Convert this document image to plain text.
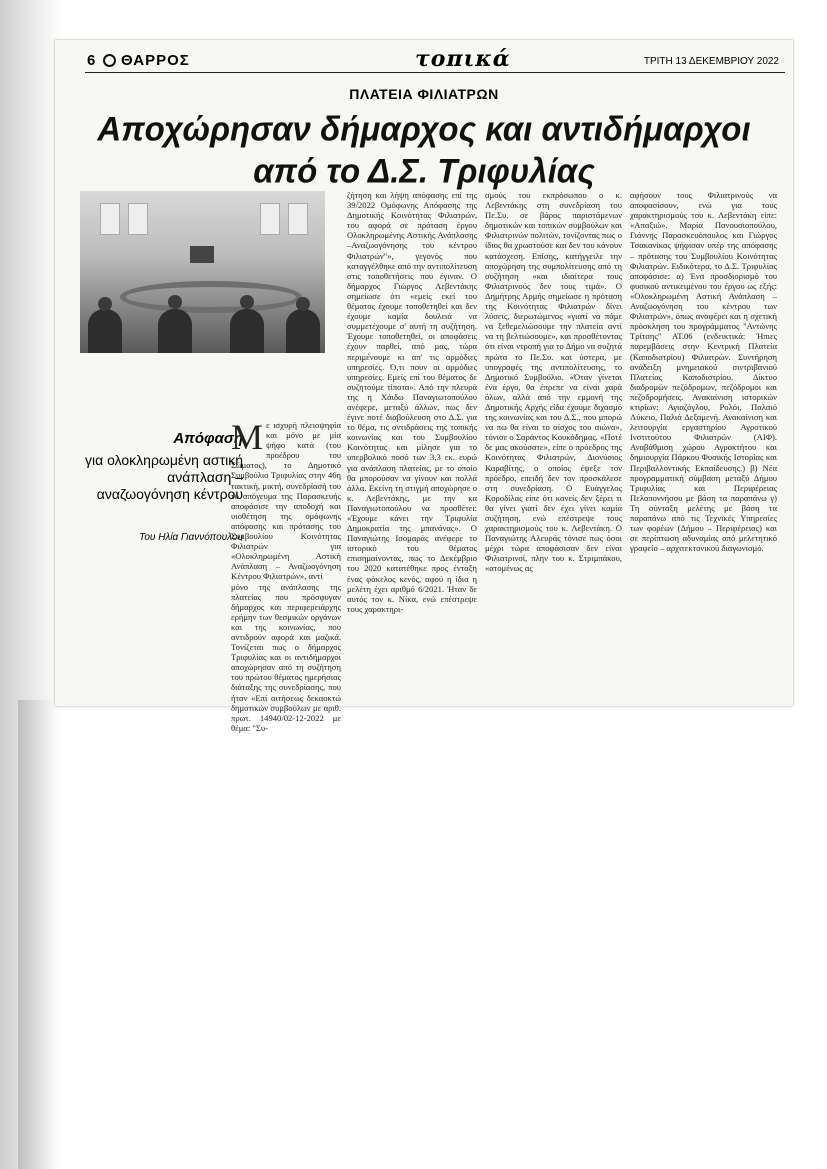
6 ΘΑΡΡΟΣ	τοπικά	ΤΡΙΤΗ 13 ΔΕΚΕΜΒΡΙΟΥ 2022
ΠΛΑΤΕΙΑ ΦΙΛΙΑΤΡΩΝ
Αποχώρησαν δήμαρχος και αντιδήμαρχοι
από το Δ.Σ. Τριφυλίας
Απόφαση
για ολοκληρωμένη αστική ανάπλαση – αναζωογόνηση κέντρου
Του Ηλία Γιαννόπουλου
Μ ε ισχυρή πλειοψηφία και μόνο με μία ψήφο κατά (του προέδρου του Σώματος), το Δημοτικό Συμβούλιο Τριφυλίας στην 46η τακτική, μικτή, συνεδρίασή του το απόγευμα της Παρασκευής αποφάσισε την αποδοχή και υιοθέτηση της ομόφωνης απόφασης και πρότασης του Συμβουλίου Κοινότητας Φιλιατρών για «Ολοκληρωμένη Αστική Ανάπλαση – Αναζωογόνηση Κέντρου Φιλιατρών», αντί

μόνο της ανάπλασης της πλατείας που πρόσφυγαν δήμαρχος και περιφερειάρχης ερήμην των θεσμικών οργάνων και της κοινωνίας, που αντιδρούν αφορά και μαζικά. Τονίζεται πως ο δήμαρχος Τριφυλίας και οι αντιδήμαρχοι αποχώρησαν από τη συζήτηση του πρώτου θέματος ημερήσιας διάταξης της συνεδρίασης, που ήταν «Επί αιτήσεως δεκαοκτώ δημοτικών συμβούλων με αριθ. πρωτ. 14940/02-12-2022 με θέμα: "Συ-

ζήτηση και λήψη απόφασης επί της 39/2022 Ομόφωνης Απόφασης της Δημοτικής Κοινότητας Φιλιατρών, του αφορά σε πρόταση έργου Ολοκληρωμένης Αστικής Ανάπλασης –Αναζωογόνησης του κέντρου Φιλιατρών"», γεγονός που καταγγέλθηκε από την αντιπολίτευση στις τοποθετήσεις που έγιναν. Ο δήμαρχος Γιώργος Λεβεντάκης σημείωσε ότι «εμείς εκεί του θέματος έχουμε τοποθετηθεί και δεν έχουμε καμία δουλειά να συμμετέχουμε σ' αυτή τη συζήτηση. Έχουμε τοποθετηθεί, οι αποφάσεις έχουν παρθεί, από μας, τώρα περιμένουμε κι απ' τις αρμόδιες υπηρεσίες. Ό,τι πουν οι αρμόδιες υπηρεσίες. Εμείς επί του θέματος δε συζητούμε τίποτα». Από την πλευρά της η Χάιδω Παναγιωτοπούλου ανέφερε, μεταξύ άλλων, πως δεν έγινε ποτέ διαβούλευση στο Δ.Σ. για το θέμα, τις αντιδράσεις της τοπικής κοινωνίας και του Συμβουλίου Κοινότητας και μίλησε για το υπερβολικό ποσό των 3,3 εκ. ευρώ για ανάπλαση πλατείας, με το οποίο θα μπορούσαν να γίνουν και πολλά άλλα. Εκείνη τη στιγμή αποχώρησε ο κ. Λεβεντάκης, με την κα Παναγιωτοπούλου να προσθέτει: «Έχουμε κάνει την Τριφυλία Δημοκρατία της μπανάνας». Ο Παναγιώτης Ισομαράς ανέφερε το ιστορικό του θέματος επισημαίνοντας, πως το Δεκέμβριο του 2020 κατατέθηκε προς ένταξη ένας φάκελος κενός, αφού η ίδια η μελέτη έχει αριθμό 6/2021. Ήταν δε αυτός τον κ. Νίκα, ενώ επέστρεψε τους χαρακτηρι-

σμούς του εκπρόσωπου ο κ. Λεβεντάκης στη συνεδρίαση του Πε.Συ. σε βάρος παριστάμενων δημοτικών και τοπικών συμβούλων και Φιλιατρινών πολιτών, τονίζοντας πως ο ίδιος θα χρωστούσε και δεν του κάνουν κατάσχεση. Επίσης, κατήγγειλε την αποχώρηση της συμπολίτευσης από τη συζήτηση «και ιδιαίτερα τους Φιλιατρινούς δεν τους τιμά». Ο Δημήτρης Αρμής σημείωσε η πρόταση της Κοινότητας Φιλιατρών δίνει λύσεις, διερωτώμενος «γιατί να πάμε να ξεθεμελιώσουμε την πλατεία αντί να τη βελτιώσουμε», και προσθέτοντας ότι είναι ντροπή για το Δήμο να συζητά πρώτα το Πε.Συ. και ύστερα, με υπογραφές της αντιπολίτευσης, το Δημοτικό Συμβούλιο. «Όταν γίνεται ένα έργο, θα έπρεπε να είναι χαρά όλων, αλλά από την εμμονή της Δημοτικής Αρχής είδα έχουμε διχασμό της κοινωνίας και του Δ.Σ., που μπορώ να πω θα είναι το αίσχος του αιώνα», τόνισε ο Σαράντος Κουκόδημας. «Ποτέ δε μας ακούσατε», είπε ο πρόεδρος της Κοινότητας Φιλιατρών, Διονύσιος Καραβίτης, ο οποίος έψεξε τον πρόεδρο, επειδή δεν τον προσκάλεσε στη συνεδρίαση. Ο Ευάγγελος Κοροδίλας είπε ότι κανείς δεν ξέρει τι θα γίνει γιατί δεν έχει γίνει καμία συζήτηση, ενώ επέστρεψε τους χαρακτηρισμούς του κ. Λεβεντάκη. Ο Παναγιώτης Αλευράς τόνισε πως όσοι μέχρι τώρα αποφάσισαν δεν είναι Φιλιατρινοί, πλην του κ. Στριμπάκου, «ατομένως ας

αφήσουν τους Φιλιατρινούς να αποφασίσουν, ενώ για τους χαρακτηρισμούς του κ. Λεβεντάκη είπε: «Απαξιώ». Μαρία Πανουσιοπούλου, Γιάννης Παρασκευόπουλος και Γιώργος Τσακανίκας ψήφισαν υπέρ της απόφασης – πρότασης του Συμβουλίου Κοινότητας Φιλιατρών. Ειδικότερα, το Δ.Σ. Τριφυλίας αποφάσισε: α) Ένα προσδιορισμό του φυσικού αντικειμένου του έργου ως εξής: «Ολοκληρωμένη Αστική Ανάπλαση – Αναζωογόνηση του κέντρου των Φιλιατρών», όπως αναφέρει και η σχετική πρόσκληση του προγράμματος "Αντώνης Τρίτσης" ΑΤ.06 (ενδεικτικά: Ήπιες παρεμβάσεις στην Κεντρική Πλατεία (Καποδιστρίου) Φιλιατρών. Συντήρηση ανάδειξη μνημειακού σιντριβανιού Πλατείας Καποδιστρίου. Δίκτυο διαδρομών πεζόδρομων, πεζόδρομοι και πεζοδρομήσεις. Ανακαίνιση ιστορικών κτιρίων: Αγιαζόγλου, Ρολόι, Παλαιό Λύκειο, Παλιά Δεξαμενή. Ανακαίνιση και λειτουργία εργαστηρίου Αγροτικού Ινστιτούτου Φιλιατρών (ΑΙΦ). Αναβάθμιση χώρου Αγροκτήτου και δημιουργία Πάρκου Φυσικής Ιστορίας και Περιβαλλοντικής Εκπαίδευσης.) β) Νέα προγραμματική σύμβαση μεταξύ Δήμου Τριφυλίας και Περιφέρειας Πελοποννήσου με βάση τα παραπάνω γ) Τη σύνταξη μελέτης με βάση τα παραπάνω από τις Τεχνικές Υπηρεσίες των φορέων (Δήμου – Περιφέρειας) και σε περίπτωση αδυναμίας από μελετητικό γραφείο – αρχιτεκτονικού διαγωνισμό.
